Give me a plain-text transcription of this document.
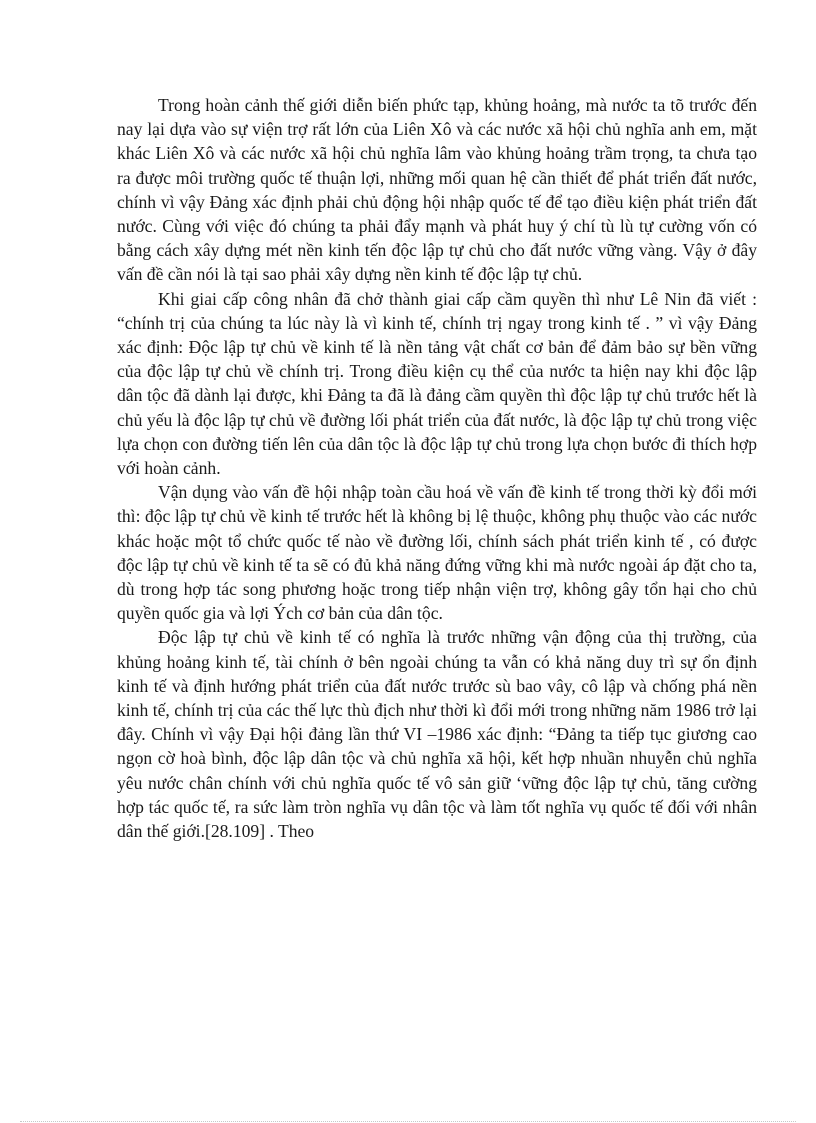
Trong hoàn cảnh thế giới diễn biến phức tạp, khủng hoảng, mà nước ta tõ trước đến nay lại dựa vào sự viện trợ rất lớn của Liên Xô và các nước xã hội chủ nghĩa anh em, mặt khác Liên Xô và các nước xã hội chủ nghĩa lâm vào khủng hoảng trầm trọng, ta chưa tạo ra được môi trường quốc tế thuận lợi, những mối quan hệ cần thiết để phát triển đất nước, chính vì vậy Đảng xác định phải chủ động hội nhập quốc tế để tạo điều kiện phát triển đất nước. Cùng với việc đó chúng ta phải đẩy mạnh và phát huy ý chí tù lù tự cường vốn có bằng cách xây dựng mét nền kinh tến độc lập tự chủ cho đất nước vững vàng. Vậy ở đây vấn đề cần nói là tại sao phải xây dựng nền kinh tế độc lập tự chủ.

Khi giai cấp công nhân đã chở thành giai cấp cầm quyền thì như Lê Nin đã viết : “chính trị của chúng ta lúc này là vì kinh tế, chính trị ngay trong kinh tế . ” vì vậy Đảng xác định: Độc lập tự chủ về kinh tế là nền tảng vật chất cơ bản để đảm bảo sự bền vững của độc lập tự chủ về chính trị. Trong điều kiện cụ thể của nước ta hiện nay khi độc lập dân tộc đã dành lại được, khi Đảng ta đã là đảng cầm quyền thì độc lập tự chủ trước hết là chủ yếu là độc lập tự chủ về đường lối phát triển của đất nước, là độc lập tự chủ trong việc lựa chọn con đường tiến lên của dân tộc là độc lập tự chủ trong lựa chọn bước đi thích hợp với hoàn cảnh.

Vận dụng vào vấn đề hội nhập toàn cầu hoá về vấn đề kinh tế trong thời kỳ đổi mới thì: độc lập tự chủ về kinh tế trước hết là không bị lệ thuộc, không phụ thuộc vào các nước khác hoặc một tổ chức quốc tế nào về đường lối, chính sách phát triển kinh tế , có được độc lập tự chủ về kinh tế ta sẽ có đủ khả năng đứng vững khi mà nước ngoài áp đặt cho ta, dù trong hợp tác song phương hoặc trong tiếp nhận viện trợ, không gây tổn hại cho chủ quyền quốc gia và lợi Ých cơ bản của dân tộc.

Độc lập tự chủ về kinh tế có nghĩa là trước những vận động của thị trường, của khủng hoảng kinh tế, tài chính ở bên ngoài chúng ta vẫn có khả năng duy trì sự ổn định kinh tế và định hướng phát triển của đất nước trước sù bao vây, cô lập và chống phá nền kinh tế, chính trị của các thế lực thù địch như thời kì đổi mới trong những năm 1986 trở lại đây. Chính vì vậy Đại hội đảng lần thứ VI –1986 xác định: “Đảng ta tiếp tục giương cao ngọn cờ hoà bình, độc lập dân tộc và chủ nghĩa xã hội, kết hợp nhuần nhuyễn chủ nghĩa yêu nước chân chính với chủ nghĩa quốc tế vô sản giữ ‘vững độc lập tự chủ, tăng cường hợp tác quốc tế, ra sức làm tròn nghĩa vụ dân tộc và làm tốt nghĩa vụ quốc tế đối với nhân dân thế giới.[28.109] . Theo
